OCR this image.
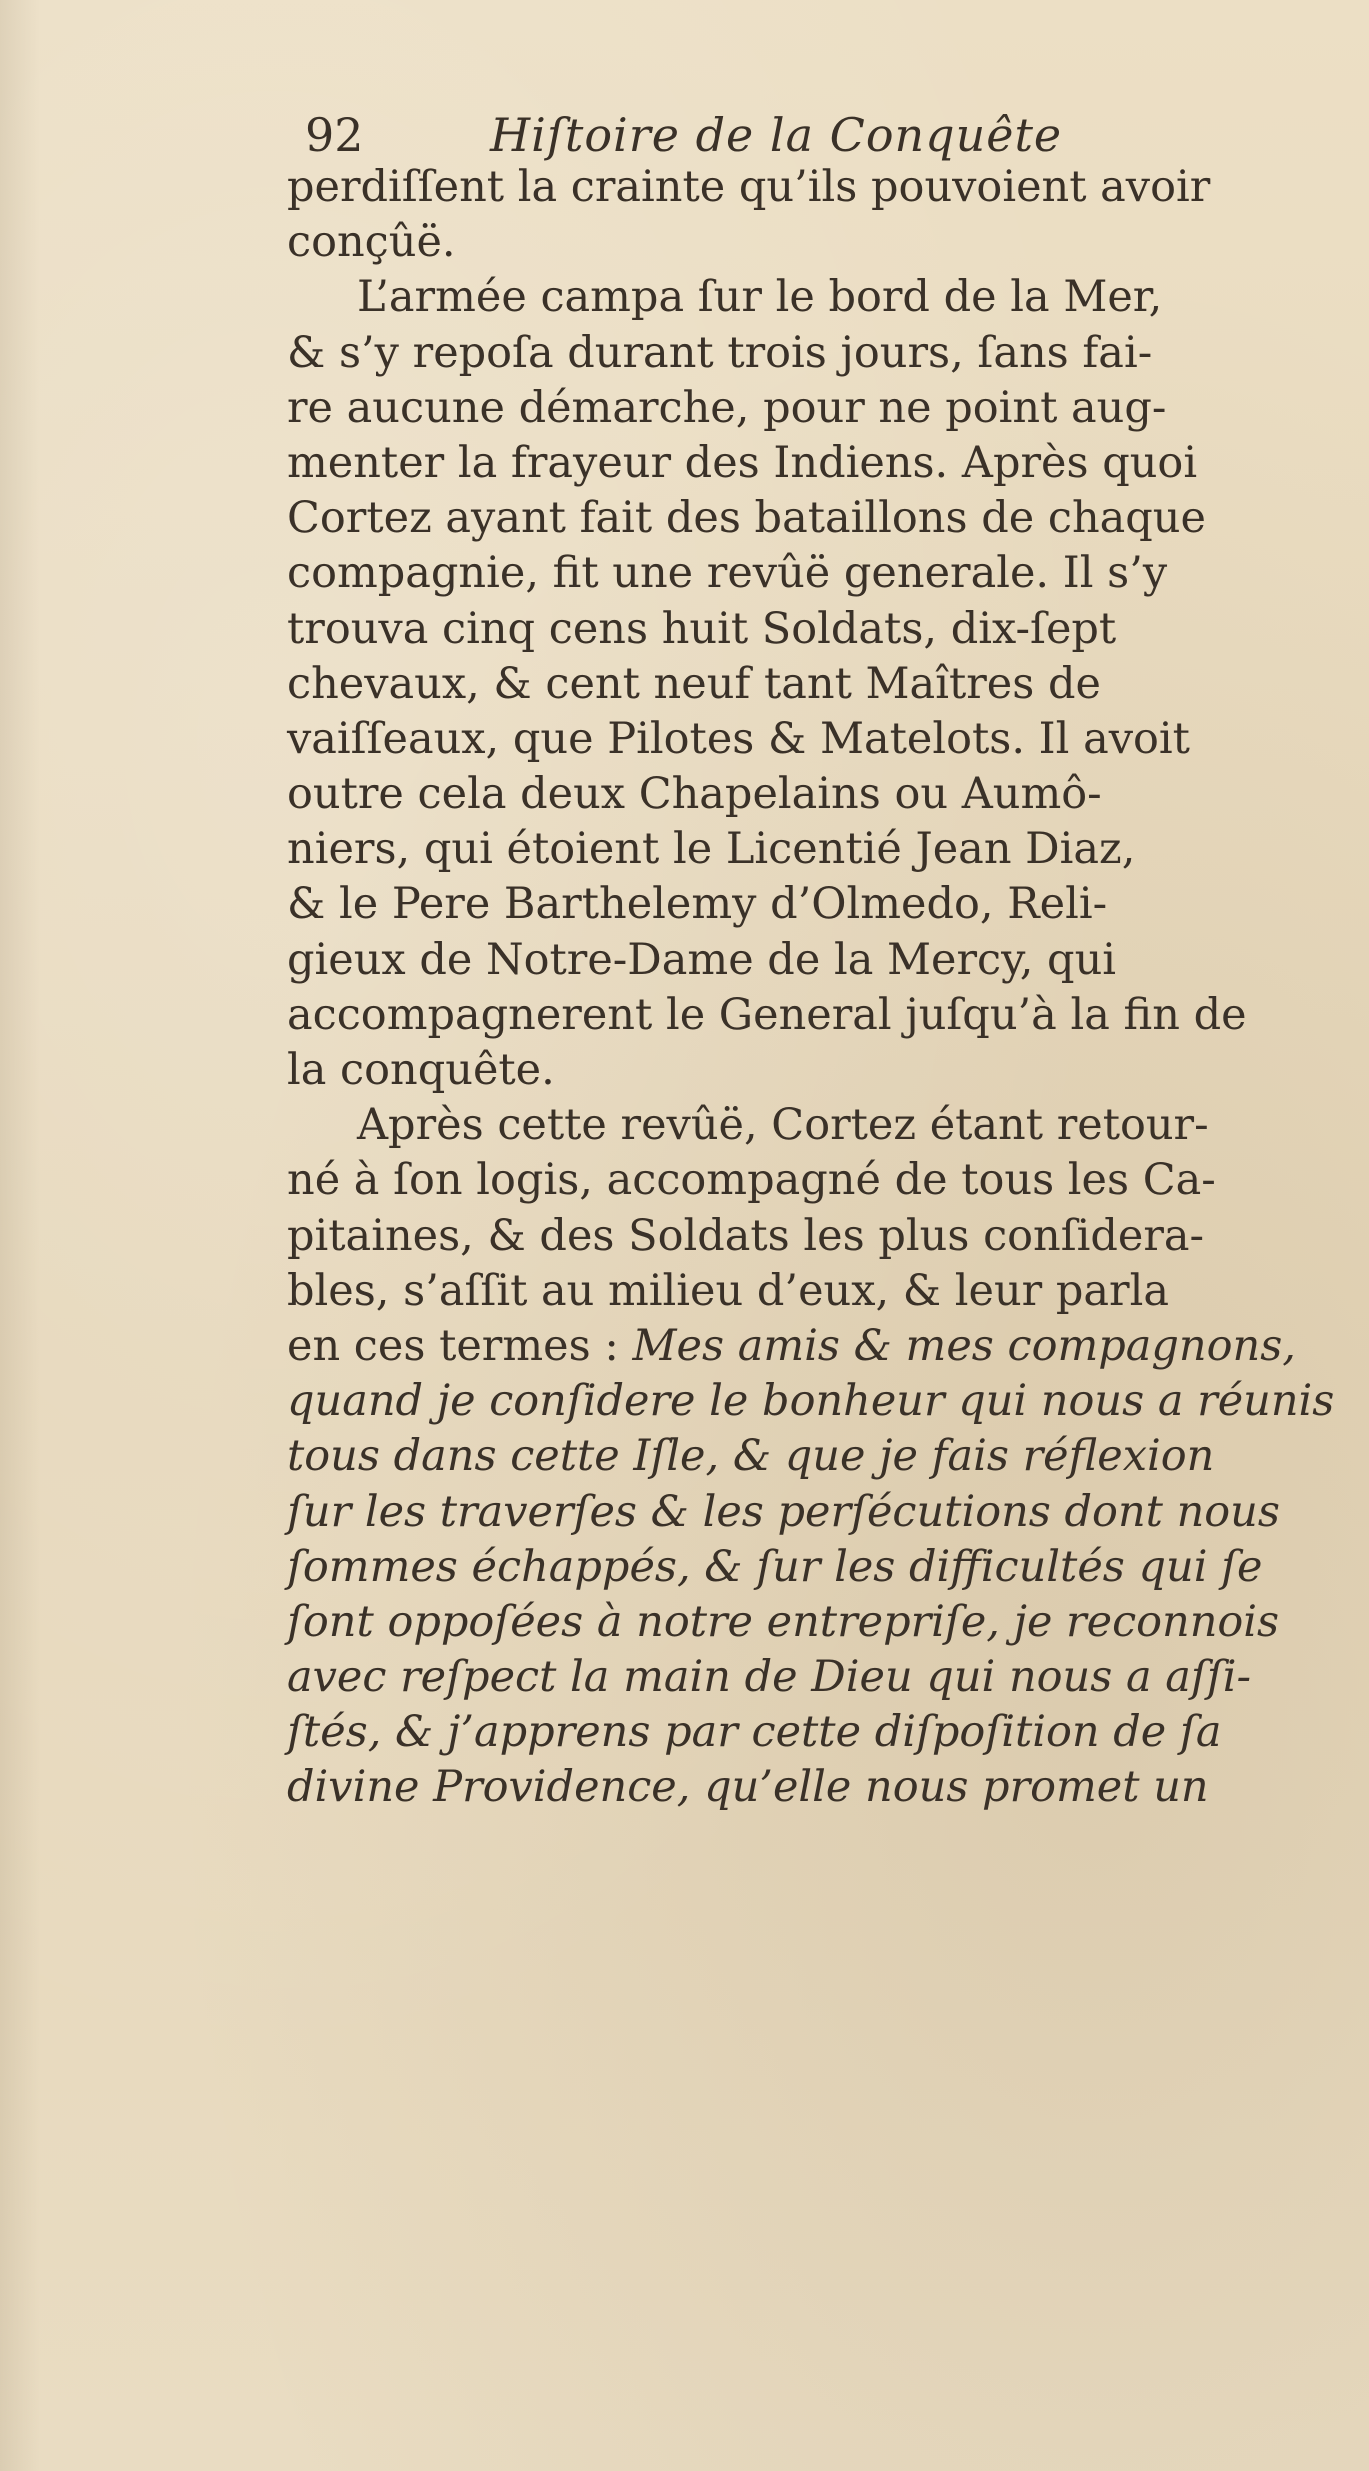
92	Hiſtoire de la Conquête
perdiſſent la crainte qu’ils pouvoient avoir
conçûë.
L’armée campa ſur le bord de la Mer,
& s’y repoſa durant trois jours, ſans fai-
re aucune démarche, pour ne point aug-
menter la frayeur des Indiens. Après quoi
Cortez ayant fait des bataillons de chaque
compagnie, fit une revûë generale. Il s’y
trouva cinq cens huit Soldats, dix-ſept
chevaux, & cent neuf tant Maîtres de
vaiſſeaux, que Pilotes & Matelots. Il avoit
outre cela deux Chapelains ou Aumô-
niers, qui étoient le Licentié Jean Diaz,
& le Pere Barthelemy d’Olmedo, Reli-
gieux de Notre-Dame de la Mercy, qui
accompagnerent le General juſqu’à la fin de
la conquête.
Après cette revûë, Cortez étant retour-
né à ſon logis, accompagné de tous les Ca-
pitaines, & des Soldats les plus conſidera-
bles, s’aſſit au milieu d’eux, & leur parla
en ces termes : Mes amis & mes compagnons,
quand je conſidere le bonheur qui nous a réunis
tous dans cette Iſle, & que je fais réflexion
ſur les traverſes & les perſécutions dont nous
ſommes échappés, & ſur les difficultés qui ſe
ſont oppoſées à notre entrepriſe, je reconnois
avec reſpect la main de Dieu qui nous a aſſi-
ſtés, & j’apprens par cette diſpoſition de ſa
divine Providence, qu’elle nous promet un
